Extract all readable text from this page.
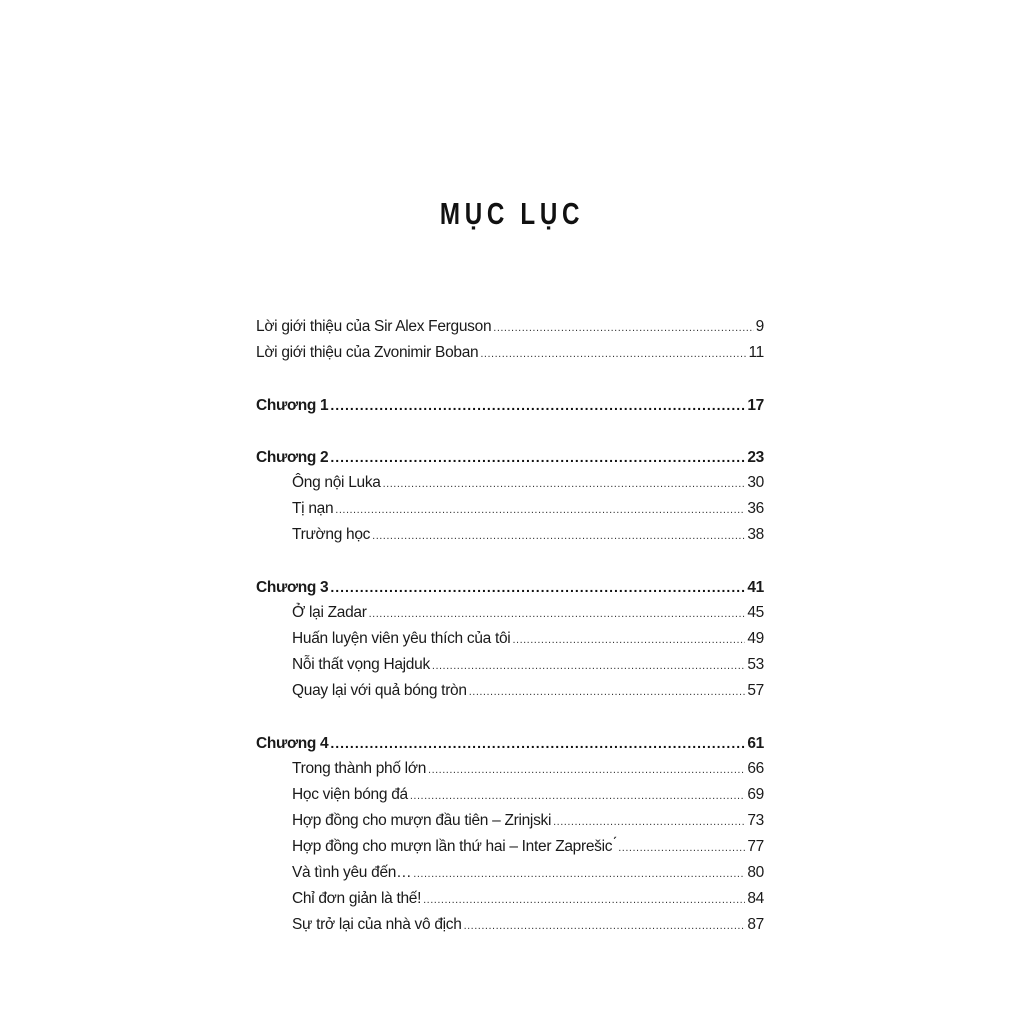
MỤC LỤC
Lời giới thiệu của Sir Alex Ferguson .....	9
Lời giới thiệu của Zvonimir Boban .....	11
Chương 1 .....	17
Chương 2 .....	23
Ông nội Luka .....	30
Tị nạn .....	36
Trường học .....	38
Chương 3 .....	41
Ở lại Zadar .....	45
Huấn luyện viên yêu thích của tôi .....	49
Nỗi thất vọng Hajduk .....	53
Quay lại với quả bóng tròn .....	57
Chương 4 .....	61
Trong thành phố lớn .....	66
Học viện bóng đá .....	69
Hợp đồng cho mượn đầu tiên – Zrinjski .....	73
Hợp đồng cho mượn lần thứ hai – Inter Zaprešic ́ .....	77
Và tình yêu đến… .....	80
Chỉ đơn giản là thế! .....	84
Sự trở lại của nhà vô địch .....	87
